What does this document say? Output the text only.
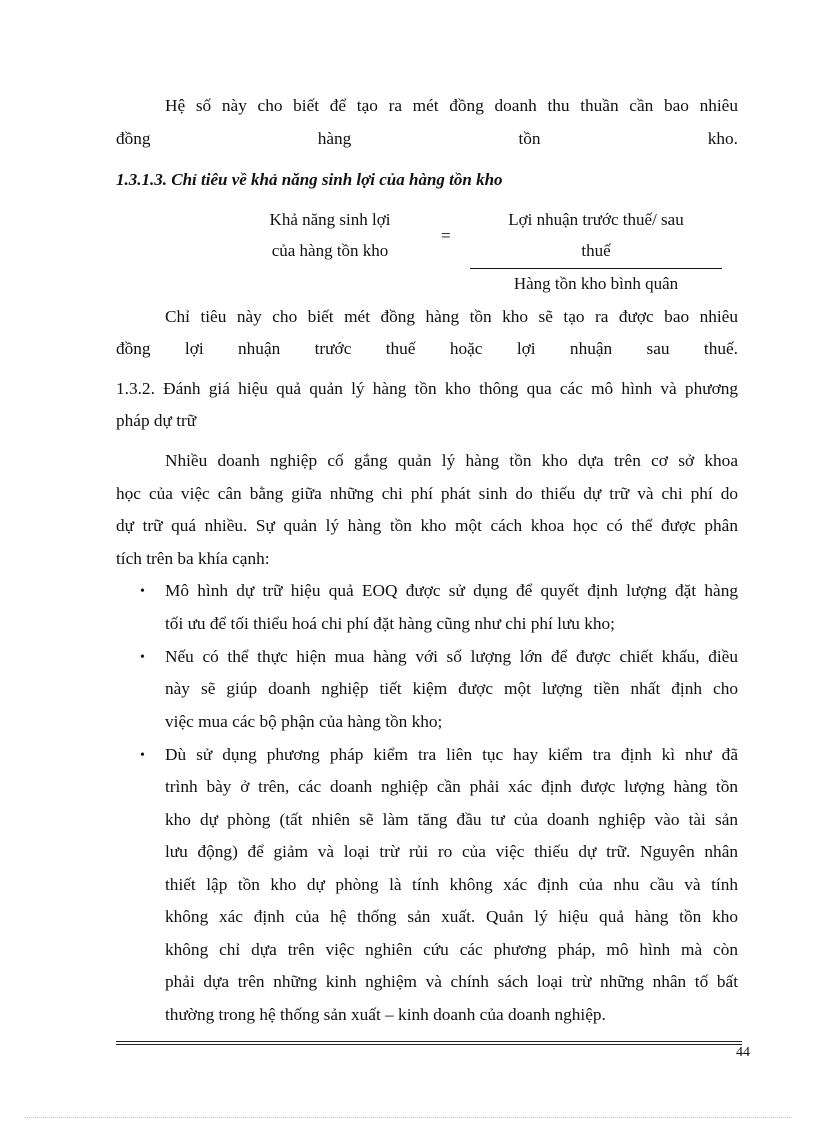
Hệ số này cho biết để tạo ra mét đồng doanh thu thuần cần bao nhiêu
đồng hàng tồn kho.
1.3.1.3. Chỉ tiêu về khả năng sinh lợi của hàng tồn kho
Khả năng sinh lợi
của hàng tồn kho
=
Lợi nhuận trước thuế/ sau
thuế
Hàng tồn kho bình quân
Chỉ tiêu này cho biết mét đồng hàng tồn kho sẽ tạo ra được bao nhiêu
đồng lợi nhuận trước thuế hoặc lợi nhuận sau thuế.
1.3.2. Đánh giá hiệu quả quản lý hàng tồn kho thông qua các mô hình và phương
pháp dự trữ
Nhiều doanh nghiệp cố gắng quản lý hàng tồn kho dựa trên cơ sở khoa
học của việc cân bằng giữa những chi phí phát sinh do thiếu dự trữ và chi phí do
dự trữ quá nhiều. Sự quản lý hàng tồn kho một cách khoa học có thể được phân
tích trên ba khía cạnh:
• Mô hình dự trữ hiệu quả EOQ được sử dụng để quyết định lượng đặt hàng
tối ưu để tối thiểu hoá chi phí đặt hàng cũng như chi phí lưu kho;
• Nếu có thể thực hiện mua hàng với số lượng lớn để được chiết khấu, điều
này sẽ giúp doanh nghiệp tiết kiệm được một lượng tiền nhất định cho
việc mua các bộ phận của hàng tồn kho;
• Dù sử dụng phương pháp kiểm tra liên tục hay kiểm tra định kì như đã
trình bày ở trên, các doanh nghiệp cần phải xác định được lượng hàng tồn
kho dự phòng (tất nhiên sẽ làm tăng đầu tư của doanh nghiệp vào tài sản
lưu động) để giảm và loại trừ rủi ro của việc thiếu dự trữ. Nguyên nhân
thiết lập tồn kho dự phòng là tính không xác định của nhu cầu và tính
không xác định của hệ thống sản xuất. Quản lý hiệu quả hàng tồn kho
không chỉ dựa trên việc nghiên cứu các phương pháp, mô hình mà còn
phải dựa trên những kinh nghiệm và chính sách loại trừ những nhân tố bất
thường trong hệ thống sản xuất – kinh doanh của doanh nghiệp.
44
